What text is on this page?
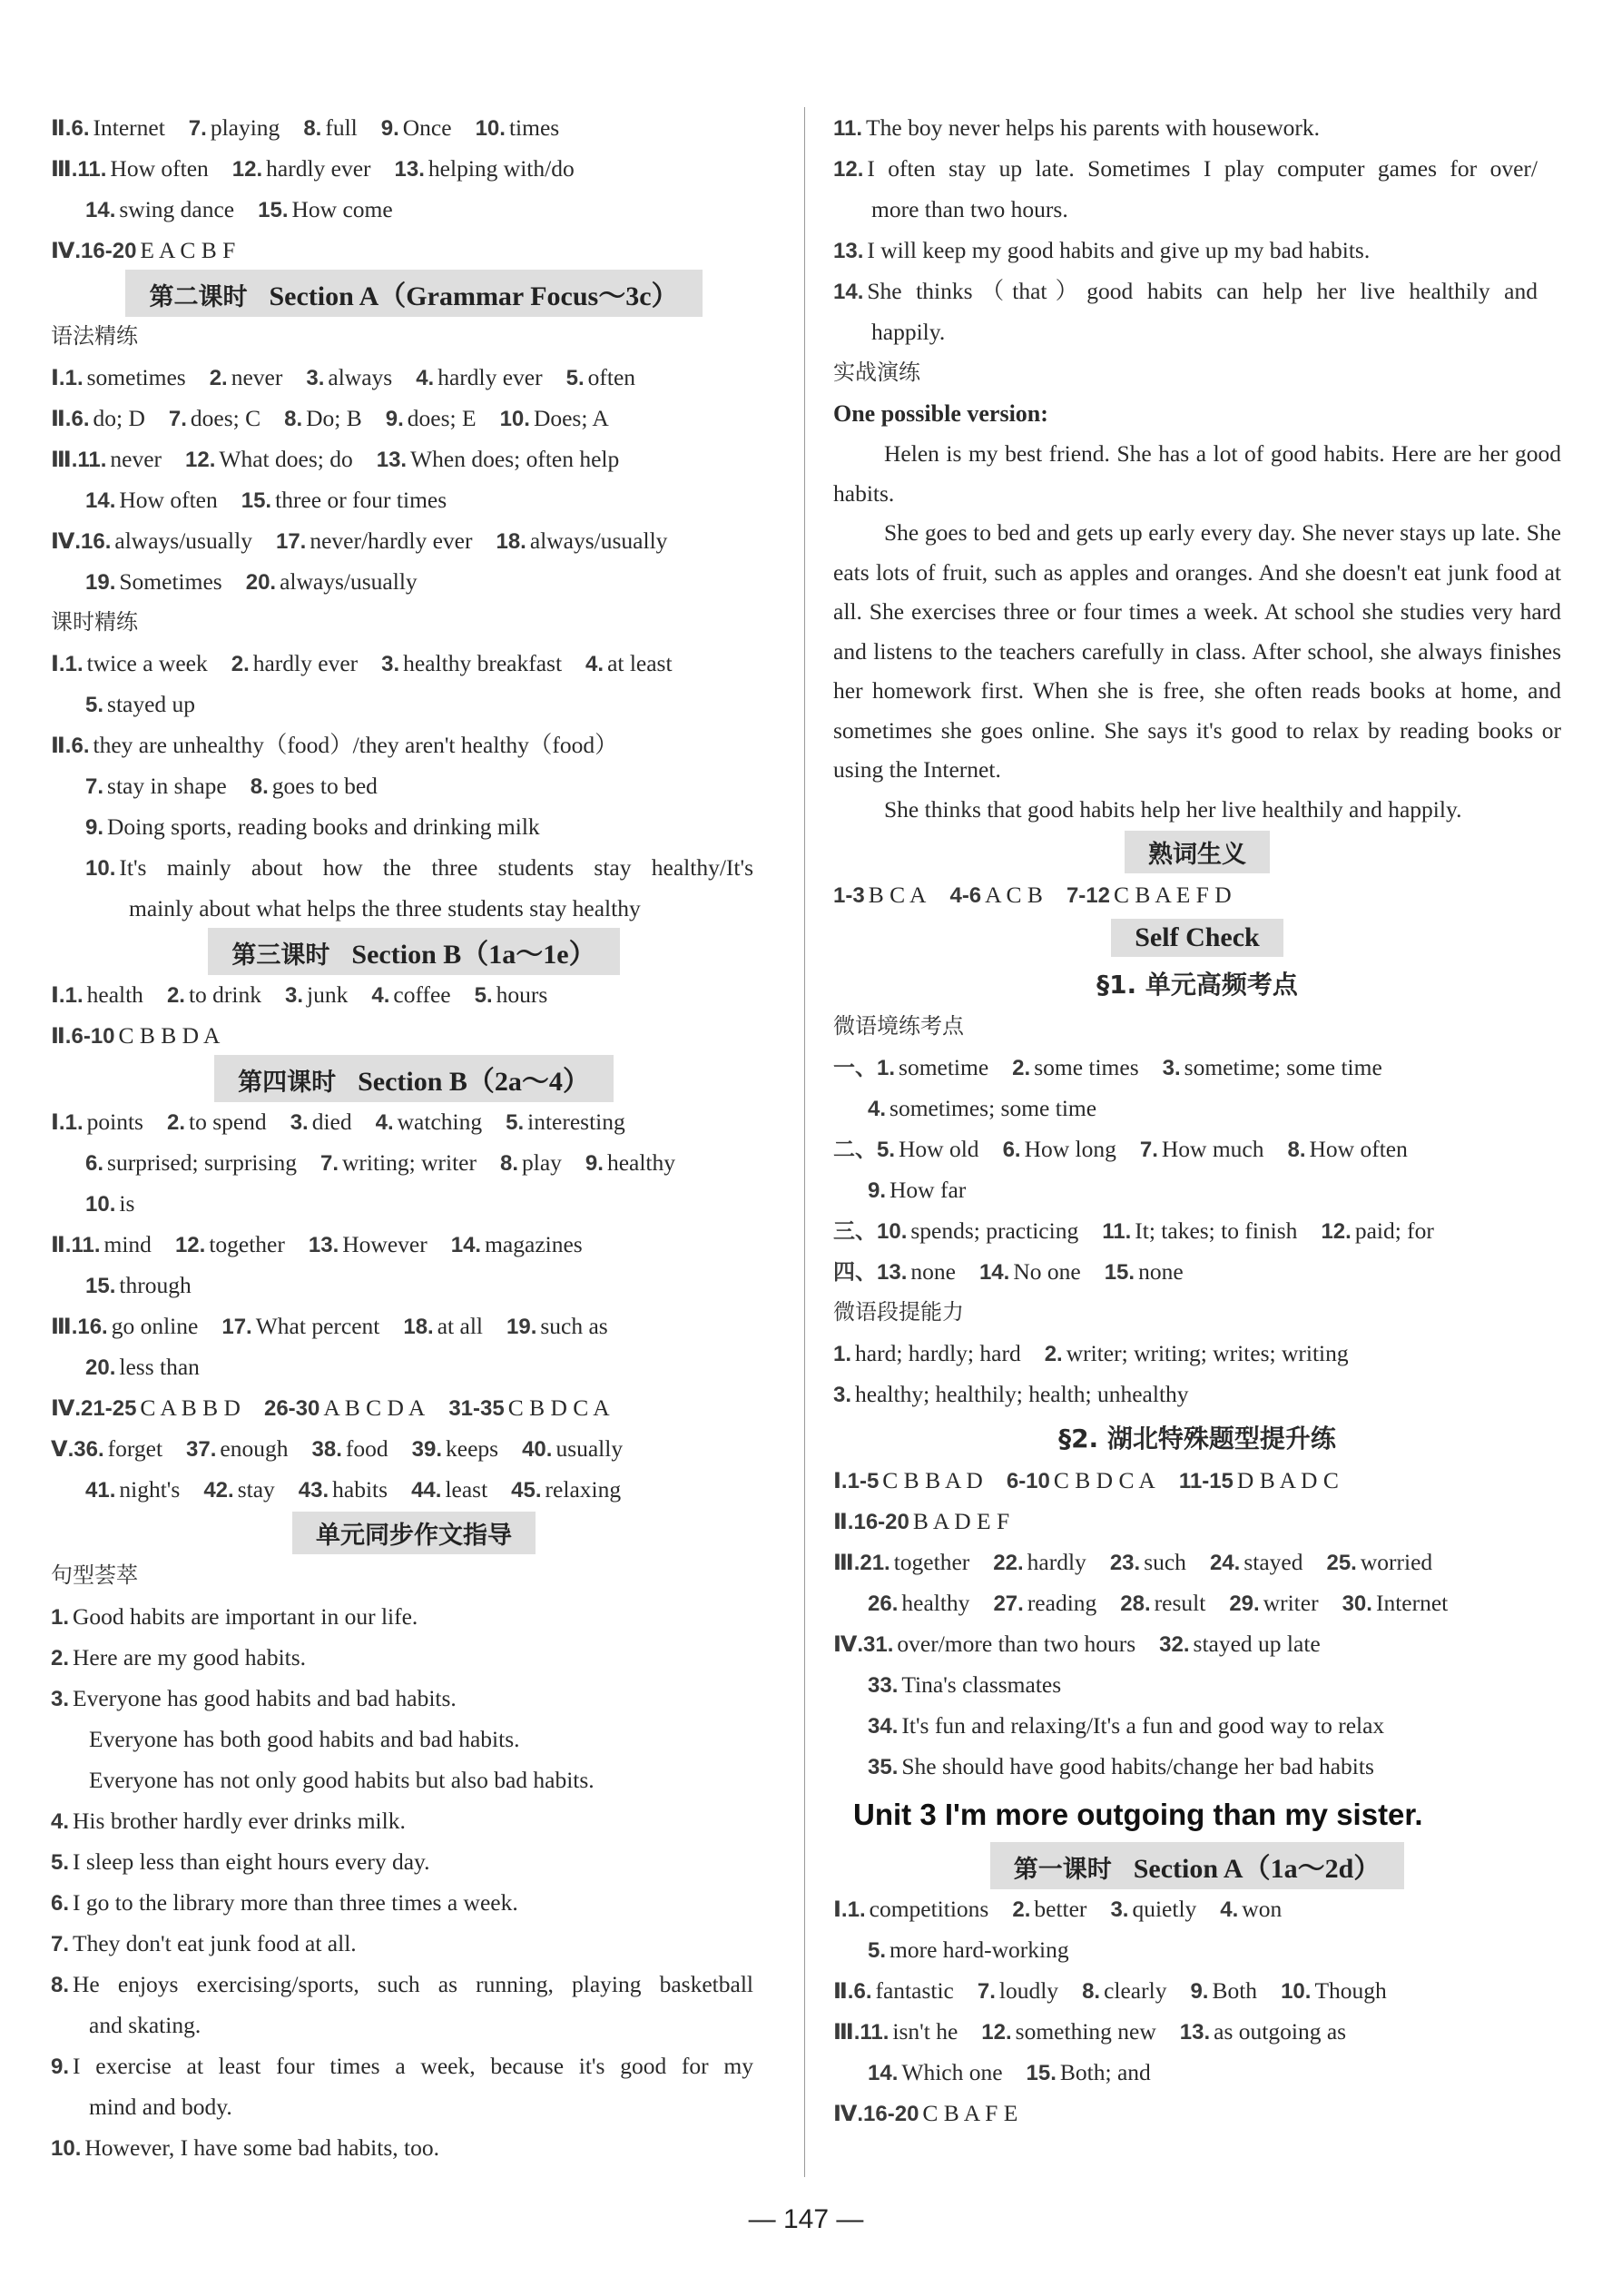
Ⅱ.6. Internet 7. playing 8. full 9. Once 10. times
Ⅲ.11. How often 12. hardly ever 13. helping with/do
14. swing dance 15. How come
Ⅳ.16-20 E A C B F
第二课时 Section A（Grammar Focus～3c）
语法精练
Ⅰ.1. sometimes 2. never 3. always 4. hardly ever 5. often
Ⅱ.6. do; D 7. does; C 8. Do; B 9. does; E 10. Does; A
Ⅲ.11. never 12. What does; do 13. When does; often help
14. How often 15. three or four times
Ⅳ.16. always/usually 17. never/hardly ever 18. always/usually
19. Sometimes 20. always/usually
课时精练
Ⅰ.1. twice a week 2. hardly ever 3. healthy breakfast 4. at least
5. stayed up
Ⅱ.6. they are unhealthy（food）/they aren't healthy（food）
7. stay in shape 8. goes to bed
9. Doing sports, reading books and drinking milk
10. It's mainly about how the three students stay healthy/It's
mainly about what helps the three students stay healthy
第三课时 Section B（1a～1e）
Ⅰ.1. health 2. to drink 3. junk 4. coffee 5. hours
Ⅱ.6-10 C B B D A
第四课时 Section B（2a～4）
Ⅰ.1. points 2. to spend 3. died 4. watching 5. interesting
6. surprised; surprising 7. writing; writer 8. play 9. healthy
10. is
Ⅱ.11. mind 12. together 13. However 14. magazines
15. through
Ⅲ.16. go online 17. What percent 18. at all 19. such as
20. less than
Ⅳ.21-25 C A B B D 26-30 A B C D A 31-35 C B D C A
Ⅴ.36. forget 37. enough 38. food 39. keeps 40. usually
41. night's 42. stay 43. habits 44. least 45. relaxing
单元同步作文指导
句型荟萃
1. Good habits are important in our life.
2. Here are my good habits.
3. Everyone has good habits and bad habits.
Everyone has both good habits and bad habits.
Everyone has not only good habits but also bad habits.
4. His brother hardly ever drinks milk.
5. I sleep less than eight hours every day.
6. I go to the library more than three times a week.
7. They don't eat junk food at all.
8. He enjoys exercising/sports, such as running, playing basketball
and skating.
9. I exercise at least four times a week, because it's good for my
mind and body.
10. However, I have some bad habits, too.
11. The boy never helps his parents with housework.
12. I often stay up late. Sometimes I play computer games for over/
more than two hours.
13. I will keep my good habits and give up my bad habits.
14. She thinks（that）good habits can help her live healthily and
happily.
实战演练
One possible version:

Helen is my best friend. She has a lot of good habits. Here are her good habits.

She goes to bed and gets up early every day. She never stays up late. She eats lots of fruit, such as apples and oranges. And she doesn't eat junk food at all. She exercises three or four times a week. At school she studies very hard and listens to the teachers carefully in class. After school, she always finishes her homework first. When she is free, she often reads books at home, and sometimes she goes online. She says it's good to relax by reading books or using the Internet.

She thinks that good habits help her live healthily and happily.

熟词生义
1-3 B C A 4-6 A C B 7-12 C B A E F D
Self Check
§1. 单元高频考点
微语境练考点
一、1. sometime 2. some times 3. sometime; some time
4. sometimes; some time
二、5. How old 6. How long 7. How much 8. How often
9. How far
三、10. spends; practicing 11. It; takes; to finish 12. paid; for
四、13. none 14. No one 15. none
微语段提能力
1. hard; hardly; hard 2. writer; writing; writes; writing
3. healthy; healthily; health; unhealthy
§2. 湖北特殊题型提升练
Ⅰ.1-5 C B B A D 6-10 C B D C A 11-15 D B A D C
Ⅱ.16-20 B A D E F
Ⅲ.21. together 22. hardly 23. such 24. stayed 25. worried
26. healthy 27. reading 28. result 29. writer 30. Internet
Ⅳ.31. over/more than two hours 32. stayed up late
33. Tina's classmates
34. It's fun and relaxing/It's a fun and good way to relax
35. She should have good habits/change her bad habits
Unit 3 I'm more outgoing than my sister.
第一课时 Section A（1a～2d）
Ⅰ.1. competitions 2. better 3. quietly 4. won
5. more hard-working
Ⅱ.6. fantastic 7. loudly 8. clearly 9. Both 10. Though
Ⅲ.11. isn't he 12. something new 13. as outgoing as
14. Which one 15. Both; and
Ⅳ.16-20 C B A F E
— 147 —
